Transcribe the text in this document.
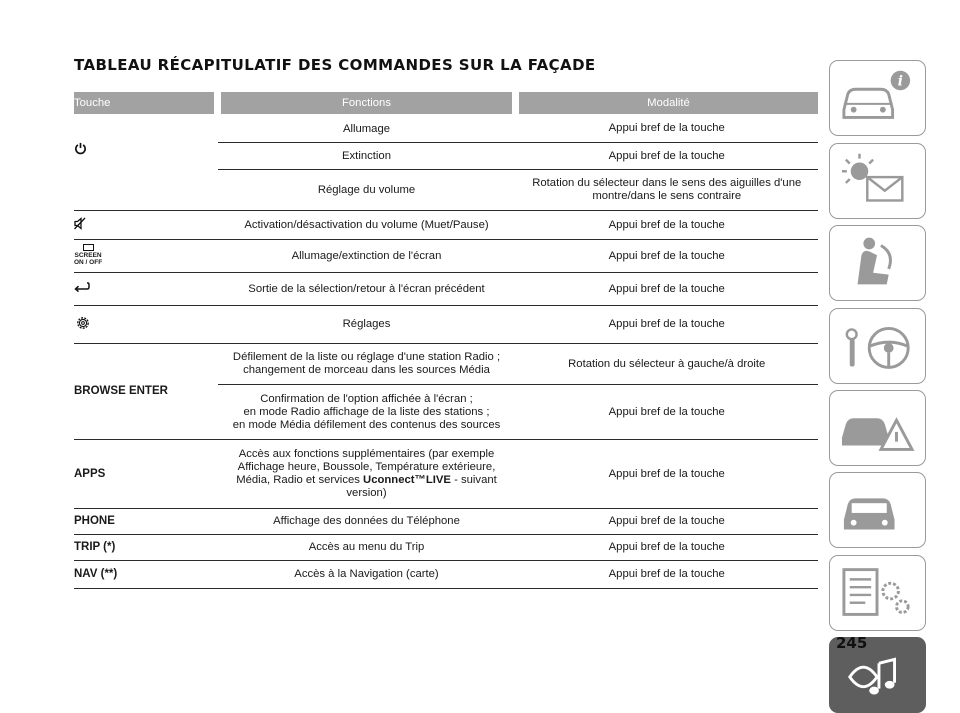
TABLEAU RÉCAPITULATIF DES COMMANDES SUR LA FAÇADE
Touche	Fonctions	Modalité
	Allumage	Appui bref de la touche
	Extinction	Appui bref de la touche
	Réglage du volume	Rotation du sélecteur dans le sens des aiguilles d'une montre/dans le sens contraire
	Activation/désactivation du volume (Muet/Pause)	Appui bref de la touche

SCREEN
ON / OFF	Allumage/extinction de l'écran	Appui bref de la touche
	Sortie de la sélection/retour à l'écran précédent	Appui bref de la touche
	Réglages	Appui bref de la touche
BROWSE ENTER	Défilement de la liste ou réglage d'une station Radio ; changement de morceau dans les sources Média	Rotation du sélecteur à gauche/à droite

	Confirmation de l'option affichée à l'écran ;
en mode Radio affichage de la liste des stations ;
en mode Média défilement des contenus des sources	Appui bref de la touche
APPS	Accès aux fonctions supplémentaires (par exemple Affichage heure, Boussole, Température extérieure, Média, Radio et services Uconnect™LIVE - suivant version)	Appui bref de la touche
PHONE	Affichage des données du Téléphone	Appui bref de la touche
TRIP (*)	Accès au menu du Trip	Appui bref de la touche
NAV (**)	Accès à la Navigation (carte)	Appui bref de la touche
i
245
